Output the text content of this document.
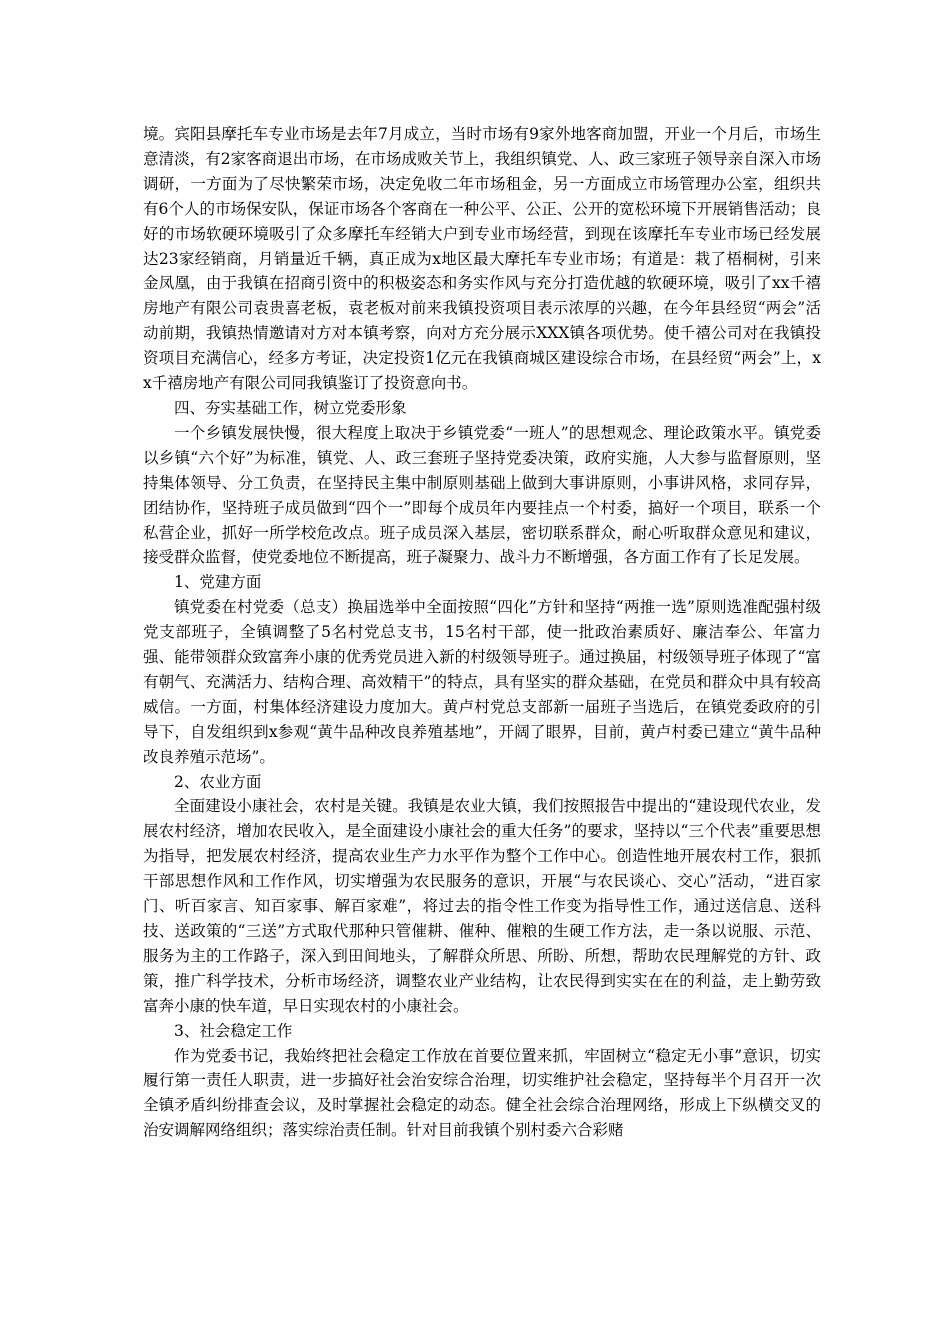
境。宾阳县摩托车专业市场是去年7月成立，当时市场有9家外地客商加盟，开业一个月后，市场生意清淡，有2家客商退出市场，在市场成败关节上，我组织镇党、人、政三家班子领导亲自深入市场调研，一方面为了尽快繁荣市场，决定免收二年市场租金，另一方面成立市场管理办公室，组织共有6个人的市场保安队，保证市场各个客商在一种公平、公正、公开的宽松环境下开展销售活动；良好的市场软硬环境吸引了众多摩托车经销大户到专业市场经营，到现在该摩托车专业市场已经发展达23家经销商，月销量近千辆，真正成为x地区最大摩托车专业市场；有道是：栽了梧桐树，引来金凤凰，由于我镇在招商引资中的积极姿态和务实作风与充分打造优越的软硬环境，吸引了xx千禧房地产有限公司袁贵喜老板，袁老板对前来我镇投资项目表示浓厚的兴趣，在今年县经贸“两会”活动前期，我镇热情邀请对方对本镇考察，向对方充分展示XXX镇各项优势。使千禧公司对在我镇投资项目充满信心，经多方考证，决定投资1亿元在我镇商城区建设综合市场，在县经贸“两会”上，xx千禧房地产有限公司同我镇鉴订了投资意向书。

四、夯实基础工作，树立党委形象

一个乡镇发展快慢，很大程度上取决于乡镇党委“一班人”的思想观念、理论政策水平。镇党委以乡镇“六个好”为标准，镇党、人、政三套班子坚持党委决策，政府实施，人大参与监督原则，坚持集体领导、分工负责，在坚持民主集中制原则基础上做到大事讲原则，小事讲风格，求同存异，团结协作，坚持班子成员做到“四个一”即每个成员年内要挂点一个村委，搞好一个项目，联系一个私营企业，抓好一所学校危改点。班子成员深入基层，密切联系群众，耐心听取群众意见和建议，接受群众监督，使党委地位不断提高，班子凝聚力、战斗力不断增强，各方面工作有了长足发展。

1、党建方面

镇党委在村党委（总支）换届选举中全面按照“四化”方针和坚持“两推一选”原则选准配强村级党支部班子，全镇调整了5名村党总支书，15名村干部，使一批政治素质好、廉洁奉公、年富力强、能带领群众致富奔小康的优秀党员进入新的村级领导班子。通过换届，村级领导班子体现了“富有朝气、充满活力、结构合理、高效精干”的特点，具有坚实的群众基础，在党员和群众中具有较高威信。一方面，村集体经济建设力度加大。黄卢村党总支部新一届班子当选后，在镇党委政府的引导下，自发组织到x参观“黄牛品种改良养殖基地”，开阔了眼界，目前，黄卢村委已建立“黄牛品种改良养殖示范场”。

2、农业方面

全面建设小康社会，农村是关键。我镇是农业大镇，我们按照报告中提出的“建设现代农业，发展农村经济，增加农民收入，是全面建设小康社会的重大任务”的要求，坚持以“三个代表”重要思想为指导，把发展农村经济，提高农业生产力水平作为整个工作中心。创造性地开展农村工作，狠抓干部思想作风和工作作风，切实增强为农民服务的意识，开展“与农民谈心、交心”活动，“进百家门、听百家言、知百家事、解百家难”，将过去的指令性工作变为指导性工作，通过送信息、送科技、送政策的“三送”方式取代那种只管催耕、催种、催粮的生硬工作方法，走一条以说服、示范、服务为主的工作路子，深入到田间地头，了解群众所思、所盼、所想，帮助农民理解党的方针、政策，推广科学技术，分析市场经济，调整农业产业结构，让农民得到实实在在的利益，走上勤劳致富奔小康的快车道，早日实现农村的小康社会。

3、社会稳定工作

作为党委书记，我始终把社会稳定工作放在首要位置来抓，牢固树立“稳定无小事”意识，切实履行第一责任人职责，进一步搞好社会治安综合治理，切实维护社会稳定，坚持每半个月召开一次全镇矛盾纠纷排查会议，及时掌握社会稳定的动态。健全社会综合治理网络，形成上下纵横交叉的治安调解网络组织；落实综治责任制。针对目前我镇个别村委六合彩赌
